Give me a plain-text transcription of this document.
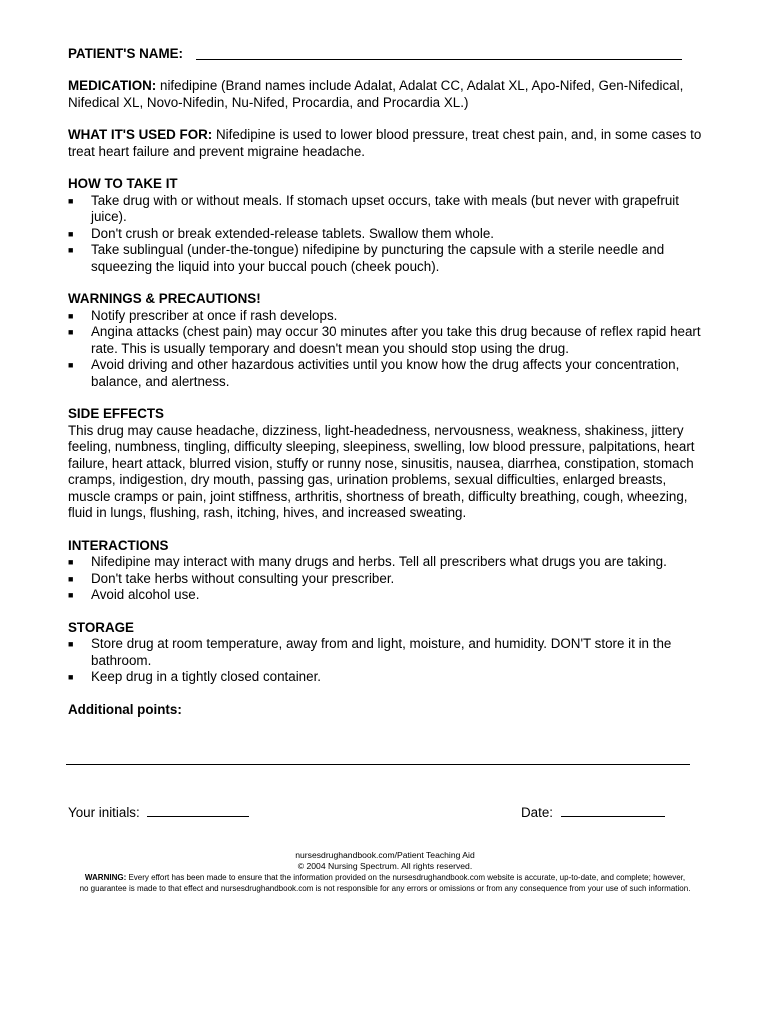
PATIENT'S NAME:

MEDICATION: nifedipine (Brand names include Adalat, Adalat CC, Adalat XL, Apo-Nifed, Gen-Nifedical, Nifedical XL, Novo-Nifedin, Nu-Nifed, Procardia, and Procardia XL.)

WHAT IT'S USED FOR: Nifedipine is used to lower blood pressure, treat chest pain, and, in some cases to treat heart failure and prevent migraine headache.

HOW TO TAKE IT
■ Take drug with or without meals. If stomach upset occurs, take with meals (but never with grapefruit juice).
■ Don't crush or break extended-release tablets. Swallow them whole.
■ Take sublingual (under-the-tongue) nifedipine by puncturing the capsule with a sterile needle and squeezing the liquid into your buccal pouch (cheek pouch).
WARNINGS & PRECAUTIONS!
■ Notify prescriber at once if rash develops.
■ Angina attacks (chest pain) may occur 30 minutes after you take this drug because of reflex rapid heart rate. This is usually temporary and doesn't mean you should stop using the drug.
■ Avoid driving and other hazardous activities until you know how the drug affects your concentration, balance, and alertness.
SIDE EFFECTS

This drug may cause headache, dizziness, light-headedness, nervousness, weakness, shakiness, jittery feeling, numbness, tingling, difficulty sleeping, sleepiness, swelling, low blood pressure, palpitations, heart failure, heart attack, blurred vision, stuffy or runny nose, sinusitis, nausea, diarrhea, constipation, stomach cramps, indigestion, dry mouth, passing gas, urination problems, sexual difficulties, enlarged breasts, muscle cramps or pain, joint stiffness, arthritis, shortness of breath, difficulty breathing, cough, wheezing, fluid in lungs, flushing, rash, itching, hives, and increased sweating.

INTERACTIONS
■ Nifedipine may interact with many drugs and herbs. Tell all prescribers what drugs you are taking.
■ Don't take herbs without consulting your prescriber.
■ Avoid alcohol use.
STORAGE
■ Store drug at room temperature, away from and light, moisture, and humidity. DON'T store it in the bathroom.
■ Keep drug in a tightly closed container.
Additional points:
Your initials:	Date:
nursesdrughandbook.com/Patient Teaching Aid
© 2004 Nursing Spectrum. All rights reserved.
WARNING: Every effort has been made to ensure that the information provided on the nursesdrughandbook.com website is accurate, up-to-date, and complete; however,
no guarantee is made to that effect and nursesdrughandbook.com is not responsible for any errors or omissions or from any consequence from your use of such information.
